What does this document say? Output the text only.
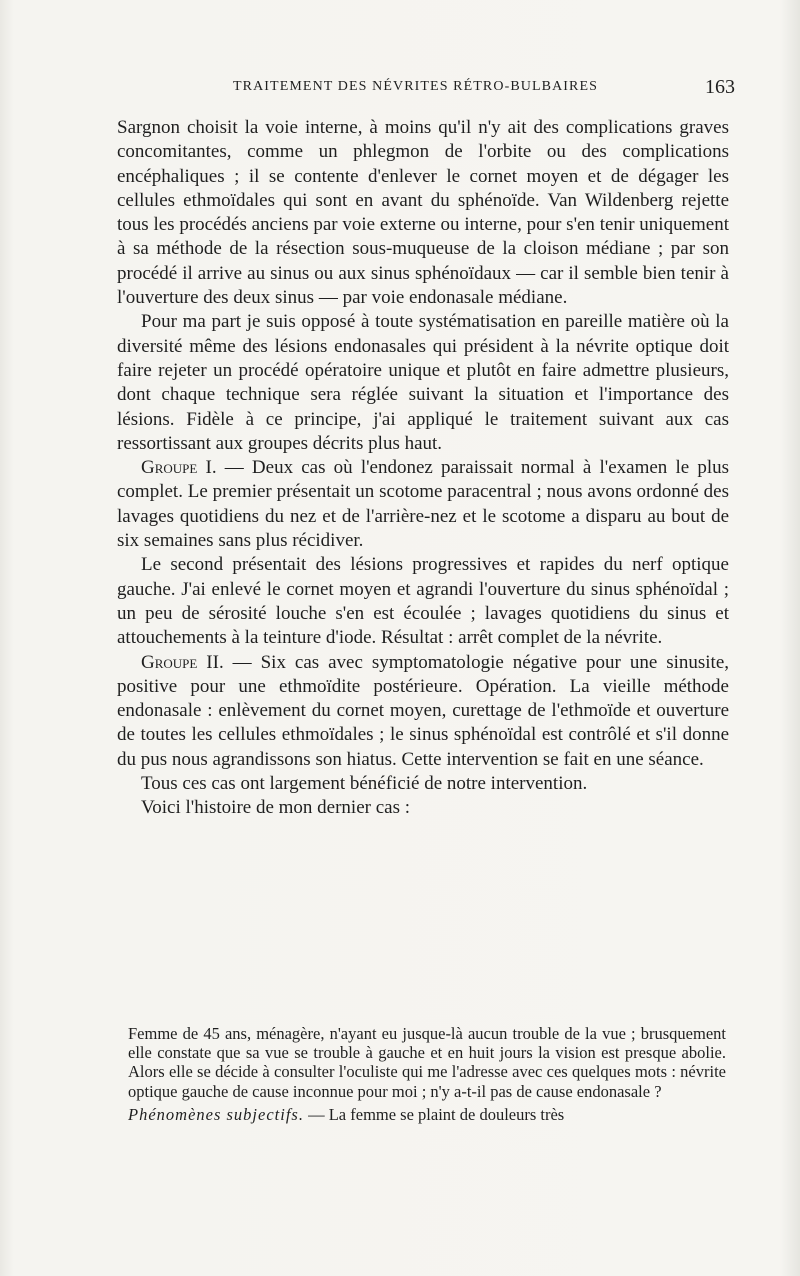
TRAITEMENT DES NÉVRITES RÉTRO-BULBAIRES	163

Sargnon choisit la voie interne, à moins qu'il n'y ait des complications graves concomitantes, comme un phlegmon de l'orbite ou des complications encéphaliques ; il se contente d'enlever le cornet moyen et de dégager les cellules ethmoïdales qui sont en avant du sphénoïde. Van Wildenberg rejette tous les procédés anciens par voie externe ou interne, pour s'en tenir uniquement à sa méthode de la résection sous-muqueuse de la cloison médiane ; par son procédé il arrive au sinus ou aux sinus sphénoïdaux — car il semble bien tenir à l'ouverture des deux sinus — par voie endonasale médiane.

Pour ma part je suis opposé à toute systématisation en pareille matière où la diversité même des lésions endonasales qui président à la névrite optique doit faire rejeter un procédé opératoire unique et plutôt en faire admettre plusieurs, dont chaque technique sera réglée suivant la situation et l'importance des lésions. Fidèle à ce principe, j'ai appliqué le traitement suivant aux cas ressortissant aux groupes décrits plus haut.

Groupe I. — Deux cas où l'endonez paraissait normal à l'examen le plus complet. Le premier présentait un scotome paracentral ; nous avons ordonné des lavages quotidiens du nez et de l'arrière-nez et le scotome a disparu au bout de six semaines sans plus récidiver.

Le second présentait des lésions progressives et rapides du nerf optique gauche. J'ai enlevé le cornet moyen et agrandi l'ouverture du sinus sphénoïdal ; un peu de sérosité louche s'en est écoulée ; lavages quotidiens du sinus et attouchements à la teinture d'iode. Résultat : arrêt complet de la névrite.

Groupe II. — Six cas avec symptomatologie négative pour une sinusite, positive pour une ethmoïdite postérieure. Opération. La vieille méthode endonasale : enlèvement du cornet moyen, curettage de l'ethmoïde et ouverture de toutes les cellules ethmoïdales ; le sinus sphénoïdal est contrôlé et s'il donne du pus nous agrandissons son hiatus. Cette intervention se fait en une séance.

Tous ces cas ont largement bénéficié de notre intervention.

Voici l'histoire de mon dernier cas :

Femme de 45 ans, ménagère, n'ayant eu jusque-là aucun trouble de la vue ; brusquement elle constate que sa vue se trouble à gauche et en huit jours la vision est presque abolie. Alors elle se décide à consulter l'oculiste qui me l'adresse avec ces quelques mots : névrite optique gauche de cause inconnue pour moi ; n'y a-t-il pas de cause endonasale ?

Phénomènes subjectifs. — La femme se plaint de douleurs très
